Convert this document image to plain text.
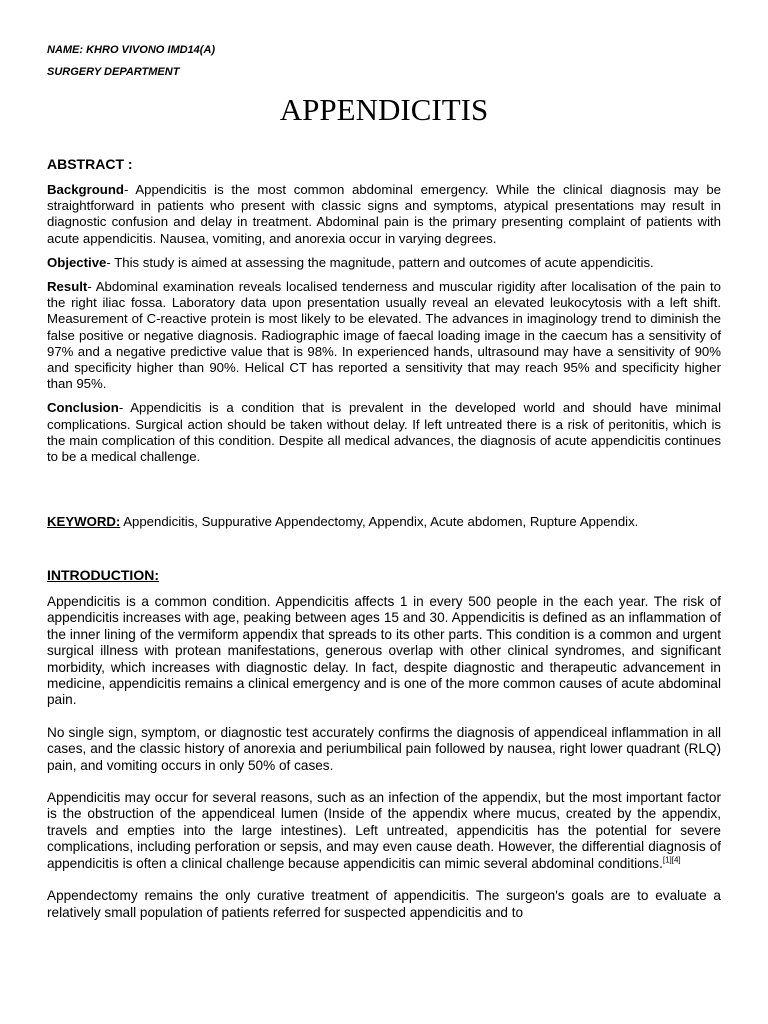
NAME: KHRO VIVONO IMD14(A)

SURGERY DEPARTMENT

APPENDICITIS

ABSTRACT :

Background- Appendicitis is the most common abdominal emergency. While the clinical diagnosis may be straightforward in patients who present with classic signs and symptoms, atypical presentations may result in diagnostic confusion and delay in treatment. Abdominal pain is the primary presenting complaint of patients with acute appendicitis. Nausea, vomiting, and anorexia occur in varying degrees.

Objective- This study is aimed at assessing the magnitude, pattern and outcomes of acute appendicitis.

Result- Abdominal examination reveals localised tenderness and muscular rigidity after localisation of the pain to the right iliac fossa. Laboratory data upon presentation usually reveal an elevated leukocytosis with a left shift. Measurement of C-reactive protein is most likely to be elevated. The advances in imaginology trend to diminish the false positive or negative diagnosis. Radiographic image of faecal loading image in the caecum has a sensitivity of 97% and a negative predictive value that is 98%. In experienced hands, ultrasound may have a sensitivity of 90% and specificity higher than 90%. Helical CT has reported a sensitivity that may reach 95% and specificity higher than 95%.

Conclusion- Appendicitis is a condition that is prevalent in the developed world and should have minimal complications. Surgical action should be taken without delay. If left untreated there is a risk of peritonitis, which is the main complication of this condition. Despite all medical advances, the diagnosis of acute appendicitis continues to be a medical challenge.

KEYWORD: Appendicitis, Suppurative Appendectomy, Appendix, Acute abdomen, Rupture Appendix.

INTRODUCTION:

Appendicitis is a common condition. Appendicitis affects 1 in every 500 people in the each year. The risk of appendicitis increases with age, peaking between ages 15 and 30. Appendicitis is defined as an inflammation of the inner lining of the vermiform appendix that spreads to its other parts. This condition is a common and urgent surgical illness with protean manifestations, generous overlap with other clinical syndromes, and significant morbidity, which increases with diagnostic delay. In fact, despite diagnostic and therapeutic advancement in medicine, appendicitis remains a clinical emergency and is one of the more common causes of acute abdominal pain.

No single sign, symptom, or diagnostic test accurately confirms the diagnosis of appendiceal inflammation in all cases, and the classic history of anorexia and periumbilical pain followed by nausea, right lower quadrant (RLQ) pain, and vomiting occurs in only 50% of cases.

Appendicitis may occur for several reasons, such as an infection of the appendix, but the most important factor is the obstruction of the appendiceal lumen (Inside of the appendix where mucus, created by the appendix, travels and empties into the large intestines). Left untreated, appendicitis has the potential for severe complications, including perforation or sepsis, and may even cause death. However, the differential diagnosis of appendicitis is often a clinical challenge because appendicitis can mimic several abdominal conditions.[1][4]

Appendectomy remains the only curative treatment of appendicitis. The surgeon's goals are to evaluate a relatively small population of patients referred for suspected appendicitis and to
